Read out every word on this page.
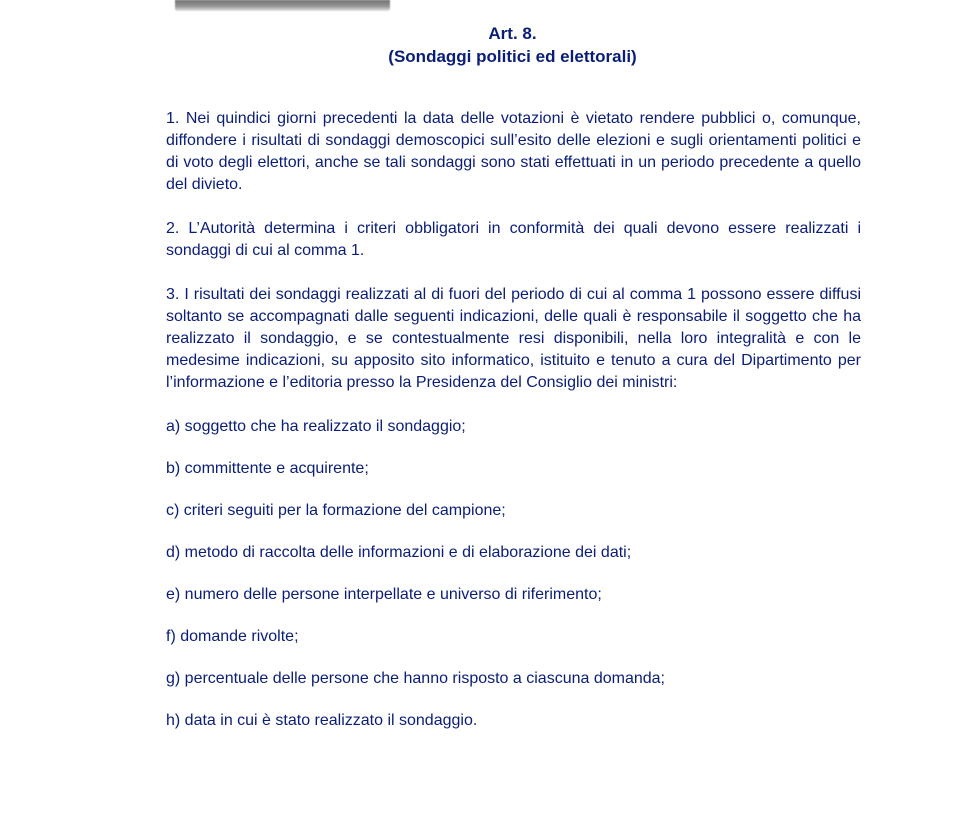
Art. 8.
(Sondaggi politici ed elettorali)

1. Nei quindici giorni precedenti la data delle votazioni è vietato rendere pubblici o, comunque, diffondere i risultati di sondaggi demoscopici sull’esito delle elezioni e sugli orientamenti politici e di voto degli elettori, anche se tali sondaggi sono stati effettuati in un periodo precedente a quello del divieto.

2. L’Autorità determina i criteri obbligatori in conformità dei quali devono essere realizzati i sondaggi di cui al comma 1.

3. I risultati dei sondaggi realizzati al di fuori del periodo di cui al comma 1 possono essere diffusi soltanto se accompagnati dalle seguenti indicazioni, delle quali è responsabile il soggetto che ha realizzato il sondaggio, e se contestualmente resi disponibili, nella loro integralità e con le medesime indicazioni, su apposito sito informatico, istituito e tenuto a cura del Dipartimento per l’informazione e l’editoria presso la Presidenza del Consiglio dei ministri:

a) soggetto che ha realizzato il sondaggio;

b) committente e acquirente;

c) criteri seguiti per la formazione del campione;

d) metodo di raccolta delle informazioni e di elaborazione dei dati;

e) numero delle persone interpellate e universo di riferimento;

f) domande rivolte;

g) percentuale delle persone che hanno risposto a ciascuna domanda;

h) data in cui è stato realizzato il sondaggio.
